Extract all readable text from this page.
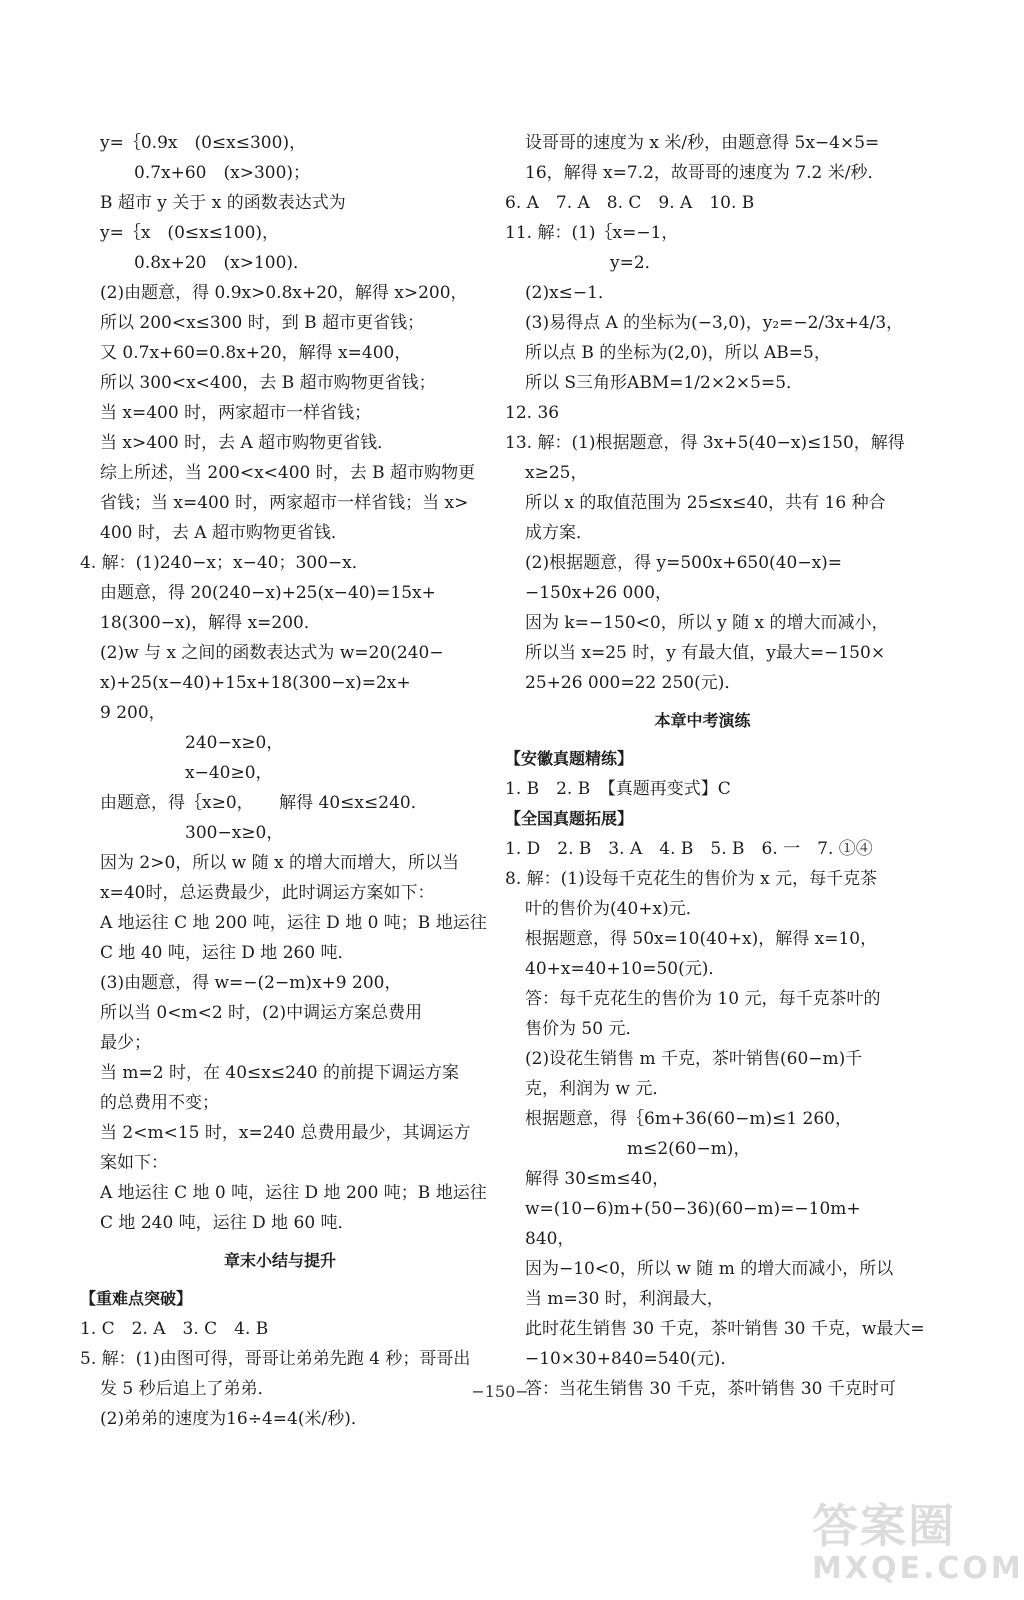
y=｛0.9x　(0≤x≤300)，
　　0.7x+60　(x>300)；
B 超市 y 关于 x 的函数表达式为
y=｛x　(0≤x≤100)，
　　0.8x+20　(x>100)．
(2)由题意，得 0.9x>0.8x+20，解得 x>200，
所以 200<x≤300 时，到 B 超市更省钱；
又 0.7x+60=0.8x+20，解得 x=400，
所以 300<x<400，去 B 超市购物更省钱；
当 x=400 时，两家超市一样省钱；
当 x>400 时，去 A 超市购物更省钱．
综上所述，当 200<x<400 时，去 B 超市购物更
省钱；当 x=400 时，两家超市一样省钱；当 x>
400 时，去 A 超市购物更省钱．
4. 解：(1)240−x；x−40；300−x．
由题意，得 20(240−x)+25(x−40)=15x+
18(300−x)，解得 x=200．
(2)w 与 x 之间的函数表达式为 w=20(240−
x)+25(x−40)+15x+18(300−x)=2x+
9 200，
　　　　　240−x≥0，
　　　　　x−40≥0，
由题意，得｛x≥0，　　解得 40≤x≤240．
　　　　　300−x≥0，
因为 2>0，所以 w 随 x 的增大而增大，所以当
x=40时，总运费最少，此时调运方案如下：
A 地运往 C 地 200 吨，运往 D 地 0 吨；B 地运往
C 地 40 吨，运往 D 地 260 吨．
(3)由题意，得 w=−(2−m)x+9 200，
所以当 0<m<2 时，(2)中调运方案总费用
最少；
当 m=2 时，在 40≤x≤240 的前提下调运方案
的总费用不变；
当 2<m<15 时，x=240 总费用最少，其调运方
案如下：
A 地运往 C 地 0 吨，运往 D 地 200 吨；B 地运往
C 地 240 吨，运往 D 地 60 吨．
章末小结与提升
【重难点突破】
1. C　2. A　3. C　4. B
5. 解：(1)由图可得，哥哥让弟弟先跑 4 秒；哥哥出
发 5 秒后追上了弟弟．
(2)弟弟的速度为16÷4=4(米/秒)．
设哥哥的速度为 x 米/秒，由题意得 5x−4×5=
16，解得 x=7.2，故哥哥的速度为 7.2 米/秒．
6. A　7. A　8. C　9. A　10. B
11. 解：(1)｛x=−1，
　　　　　y=2．
(2)x≤−1．
(3)易得点 A 的坐标为(−3,0)，y₂=−2/3x+4/3，
所以点 B 的坐标为(2,0)，所以 AB=5，
所以 S三角形ABM=1/2×2×5=5．
12. 36
13. 解：(1)根据题意，得 3x+5(40−x)≤150，解得
x≥25，
所以 x 的取值范围为 25≤x≤40，共有 16 种合
成方案．
(2)根据题意，得 y=500x+650(40−x)=
−150x+26 000，
因为 k=−150<0，所以 y 随 x 的增大而减小，
所以当 x=25 时，y 有最大值，y最大=−150×
25+26 000=22 250(元)．
本章中考演练
【安徽真题精练】
1. B　2. B　【真题再变式】C
【全国真题拓展】
1. D　2. B　3. A　4. B　5. B　6. 一　7. ①④
8. 解：(1)设每千克花生的售价为 x 元，每千克茶
叶的售价为(40+x)元．
根据题意，得 50x=10(40+x)，解得 x=10，
40+x=40+10=50(元)．
答：每千克花生的售价为 10 元，每千克茶叶的
售价为 50 元．
(2)设花生销售 m 千克，茶叶销售(60−m)千
克，利润为 w 元．
根据题意，得｛6m+36(60−m)≤1 260，
　　　　　　m≤2(60−m)，
解得 30≤m≤40，
w=(10−6)m+(50−36)(60−m)=−10m+
840，
因为−10<0，所以 w 随 m 的增大而减小，所以
当 m=30 时，利润最大，
此时花生销售 30 千克，茶叶销售 30 千克，w最大=
−10×30+840=540(元)．
答：当花生销售 30 千克，茶叶销售 30 千克时可
−150−
答案圈
MXQE.COM
